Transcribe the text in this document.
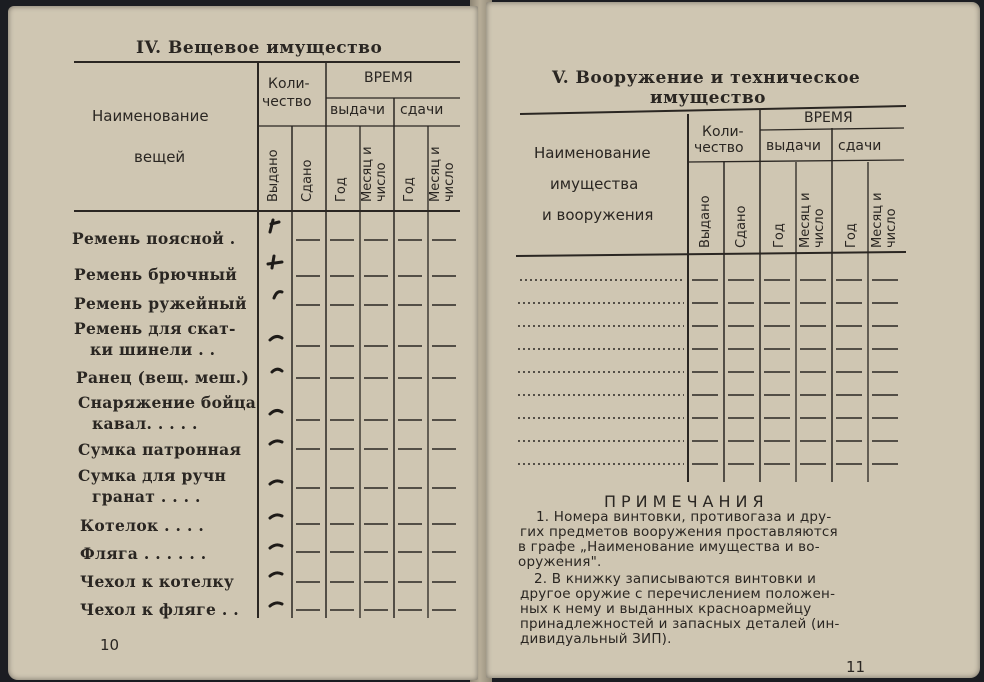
IV. Вещевое имущество
Наименование
вещей
Коли-
чество
ВРЕМЯ
выдачи сдачи
Выдано Сдано Год Месяц и число Год Месяц и число
Ремень поясной .
Ремень брючный
Ремень ружейный
Ремень для скат-
ки шинели . .
Ранец (вещ. меш.)
Снаряжение бойца
кавал. . . . .
Сумка патронная
Сумка для ручн
гранат . . . .
Котелок . . . .
Фляга . . . . . .
Чехол к котелку
Чехол к фляге . .
10
V. Вооружение и техническое
имущество
Наименование
имущества
и вооружения
Коли-
чество
ВРЕМЯ
выдачи сдачи
Выдано Сдано Год Месяц и число Год Месяц и число
ПРИМЕЧАНИЯ
1. Номера винтовки, противогаза и дру-
гих предметов вооружения проставляются
в графе „Наименование имущества и во-
оружения".
2. В книжку записываются винтовки и
другое оружие с перечислением положен-
ных к нему и выданных красноармейцу
принадлежностей и запасных деталей (ин-
дивидуальный ЗИП).
11
